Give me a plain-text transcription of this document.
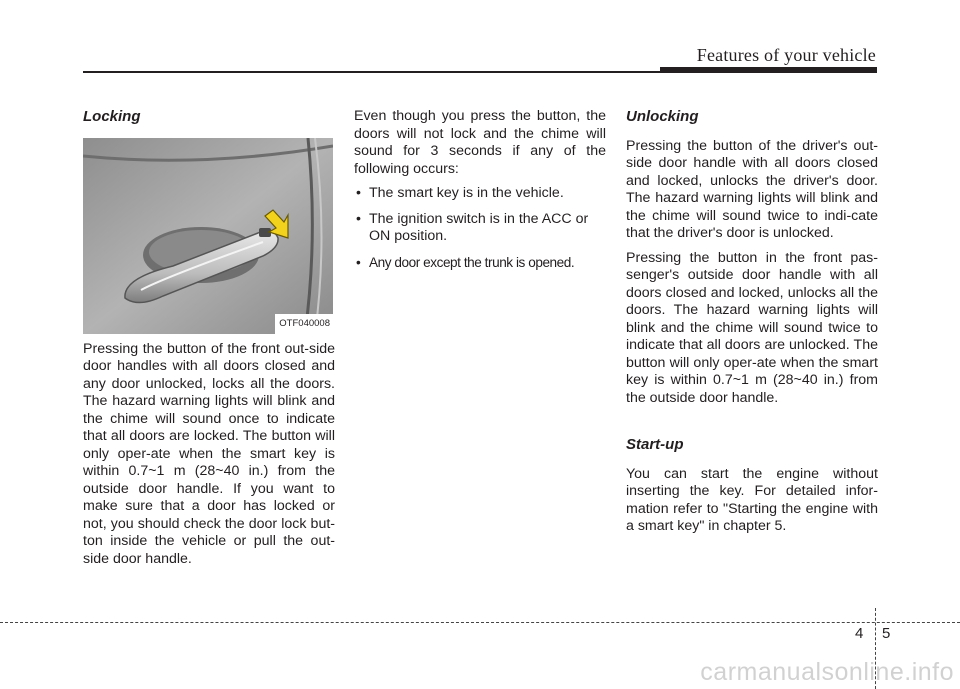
Features of your vehicle
Locking
OTF040008

Pressing the button of the front out-side door handles with all doors closed and any door unlocked, locks all the doors. The hazard warning lights will blink and the chime will sound once to indicate that all doors are locked. The button will only oper-ate when the smart key is within 0.7~1 m (28~40 in.) from the outside door handle. If you want to make sure that a door has locked or not, you should check the door lock but-ton inside the vehicle or pull the out-side door handle.

Even though you press the button, the doors will not lock and the chime will sound for 3 seconds if any of the following occurs:

• The smart key is in the vehicle.
• The ignition switch is in the ACC or ON position.
• Any door except the trunk is opened.
Unlocking

Pressing the button of the driver's out-side door handle with all doors closed and locked, unlocks the driver's door. The hazard warning lights will blink and the chime will sound twice to indi-cate that the driver's door is unlocked.

Pressing the button in the front pas-senger's outside door handle with all doors closed and locked, unlocks all the doors. The hazard warning lights will blink and the chime will sound twice to indicate that all doors are unlocked. The button will only oper-ate when the smart key is within 0.7~1 m (28~40 in.) from the outside door handle.

Start-up

You can start the engine without inserting the key. For detailed infor-mation refer to "Starting the engine with a smart key" in chapter 5.

4 5
carmanualsonline.info
